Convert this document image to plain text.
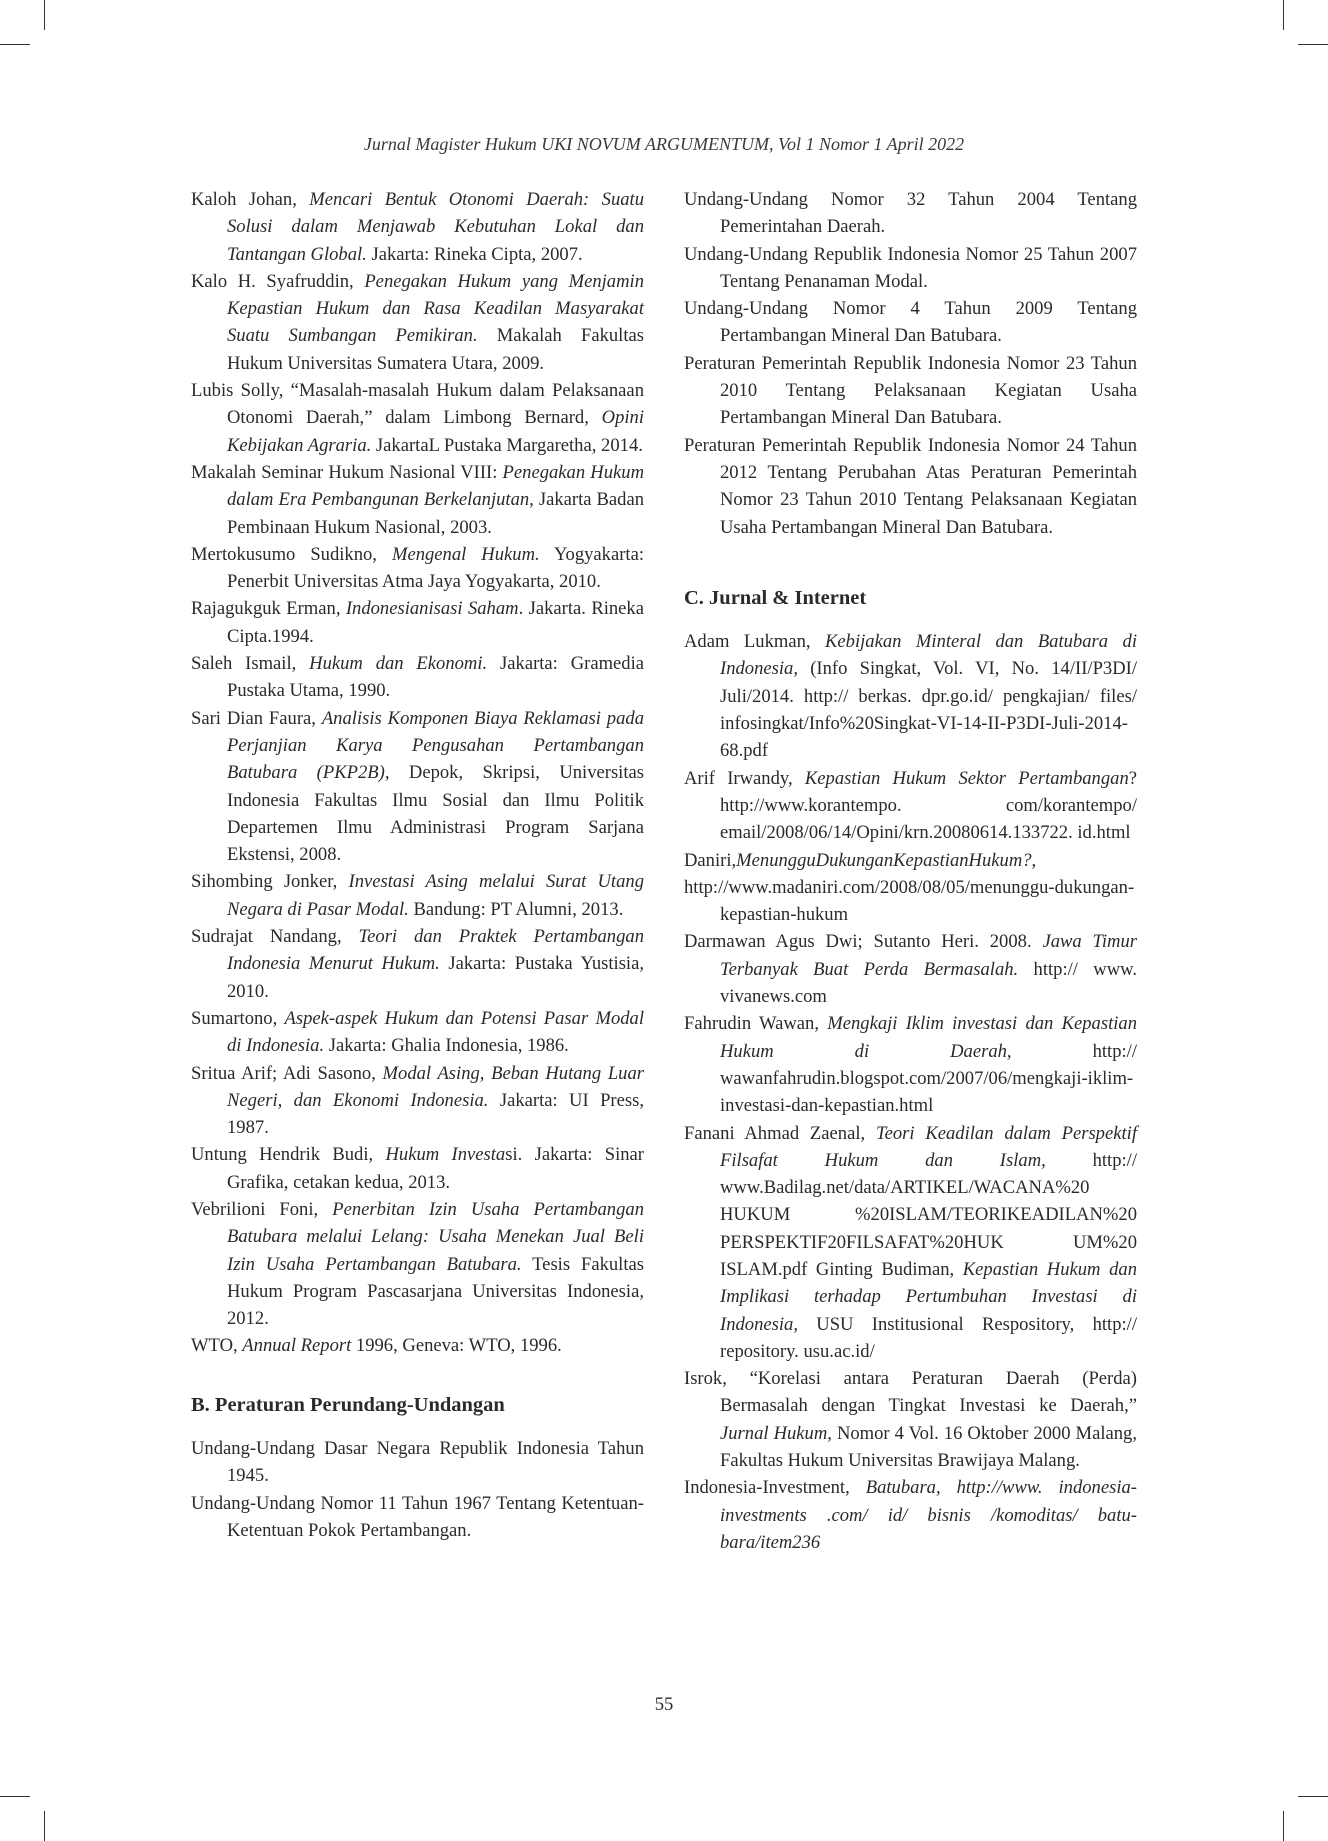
Jurnal Magister Hukum UKI NOVUM ARGUMENTUM, Vol 1 Nomor 1 April 2022

Kaloh Johan, Mencari Bentuk Otonomi Daerah: Suatu Solusi dalam Menjawab Kebutuhan Lokal dan Tantangan Global. Jakarta: Rineka Cipta, 2007.

Kalo H. Syafruddin, Penegakan Hukum yang Menjamin Kepastian Hukum dan Rasa Keadilan Masyarakat Suatu Sumbangan Pemikiran. Makalah Fakultas Hukum Universitas Sumatera Utara, 2009.

Lubis Solly, “Masalah-masalah Hukum dalam Pelaksanaan Otonomi Daerah,” dalam Limbong Bernard, Opini Kebijakan Agraria. JakartaL Pustaka Margaretha, 2014.

Makalah Seminar Hukum Nasional VIII: Penegakan Hukum dalam Era Pembangunan Berkelanjutan, Jakarta Badan Pembinaan Hukum Nasional, 2003.

Mertokusumo Sudikno, Mengenal Hukum. Yogyakarta: Penerbit Universitas Atma Jaya Yogyakarta, 2010.

Rajagukguk Erman, Indonesianisasi Saham. Jakarta. Rineka Cipta.1994.

Saleh Ismail, Hukum dan Ekonomi. Jakarta: Gramedia Pustaka Utama, 1990.

Sari Dian Faura, Analisis Komponen Biaya Reklamasi pada Perjanjian Karya Pengusahan Pertambangan Batubara (PKP2B), Depok, Skripsi, Universitas Indonesia Fakultas Ilmu Sosial dan Ilmu Politik Departemen Ilmu Administrasi Program Sarjana Ekstensi, 2008.

Sihombing Jonker, Investasi Asing melalui Surat Utang Negara di Pasar Modal. Bandung: PT Alumni, 2013.

Sudrajat Nandang, Teori dan Praktek Pertambangan Indonesia Menurut Hukum. Jakarta: Pustaka Yustisia, 2010.

Sumartono, Aspek-aspek Hukum dan Potensi Pasar Modal di Indonesia. Jakarta: Ghalia Indonesia, 1986.

Sritua Arif; Adi Sasono, Modal Asing, Beban Hutang Luar Negeri, dan Ekonomi Indonesia. Jakarta: UI Press, 1987.

Untung Hendrik Budi, Hukum Investasi. Jakarta: Sinar Grafika, cetakan kedua, 2013.

Vebrilioni Foni, Penerbitan Izin Usaha Pertambangan Batubara melalui Lelang: Usaha Menekan Jual Beli Izin Usaha Pertambangan Batubara. Tesis Fakultas Hukum Program Pascasarjana Universitas Indonesia, 2012.

WTO, Annual Report 1996, Geneva: WTO, 1996.

B. Peraturan Perundang-Undangan

Undang-Undang Dasar Negara Republik Indonesia Tahun 1945.

Undang-Undang Nomor 11 Tahun 1967 Tentang Ketentuan-Ketentuan Pokok Pertambangan.

Undang-Undang Nomor 32 Tahun 2004 Tentang Pemerintahan Daerah.

Undang-Undang Republik Indonesia Nomor 25 Tahun 2007 Tentang Penanaman Modal.

Undang-Undang Nomor 4 Tahun 2009 Tentang Pertambangan Mineral Dan Batubara.

Peraturan Pemerintah Republik Indonesia Nomor 23 Tahun 2010 Tentang Pelaksanaan Kegiatan Usaha Pertambangan Mineral Dan Batubara.

Peraturan Pemerintah Republik Indonesia Nomor 24 Tahun 2012 Tentang Perubahan Atas Peraturan Pemerintah Nomor 23 Tahun 2010 Tentang Pelaksanaan Kegiatan Usaha Pertambangan Mineral Dan Batubara.

C. Jurnal & Internet

Adam Lukman, Kebijakan Minteral dan Batubara di Indonesia, (Info Singkat, Vol. VI, No. 14/II/P3DI/ Juli/2014. http:// berkas. dpr.go.id/ pengkajian/ files/ infosingkat/Info%20Singkat-VI-14-II-P3DI-Juli-2014-68.pdf

Arif Irwandy, Kepastian Hukum Sektor Pertambangan? http://www.korantempo. com/korantempo/ email/2008/06/14/Opini/krn.20080614.133722. id.html

Daniri,MenungguDukunganKepastianHukum?,

http://www.madaniri.com/2008/08/05/menunggu-dukungan-kepastian-hukum

Darmawan Agus Dwi; Sutanto Heri. 2008. Jawa Timur Terbanyak Buat Perda Bermasalah. http:// www. vivanews.com

Fahrudin Wawan, Mengkaji Iklim investasi dan Kepastian Hukum di Daerah, http:// wawanfahrudin.blogspot.com/2007/06/mengkaji-iklim-investasi-dan-kepastian.html

Fanani Ahmad Zaenal, Teori Keadilan dalam Perspektif Filsafat Hukum dan Islam, http:// www.Badilag.net/data/ARTIKEL/WACANA%20 HUKUM %20ISLAM/TEORIKEADILAN%20 PERSPEKTIF20FILSAFAT%20HUK UM%20 ISLAM.pdf Ginting Budiman, Kepastian Hukum dan Implikasi terhadap Pertumbuhan Investasi di Indonesia, USU Institusional Respository, http:// repository. usu.ac.id/

Isrok, “Korelasi antara Peraturan Daerah (Perda) Bermasalah dengan Tingkat Investasi ke Daerah,” Jurnal Hukum, Nomor 4 Vol. 16 Oktober 2000 Malang, Fakultas Hukum Universitas Brawijaya Malang.

Indonesia-Investment, Batubara, http://www. indonesia-investments .com/ id/ bisnis /komoditas/ batu-bara/item236

55
